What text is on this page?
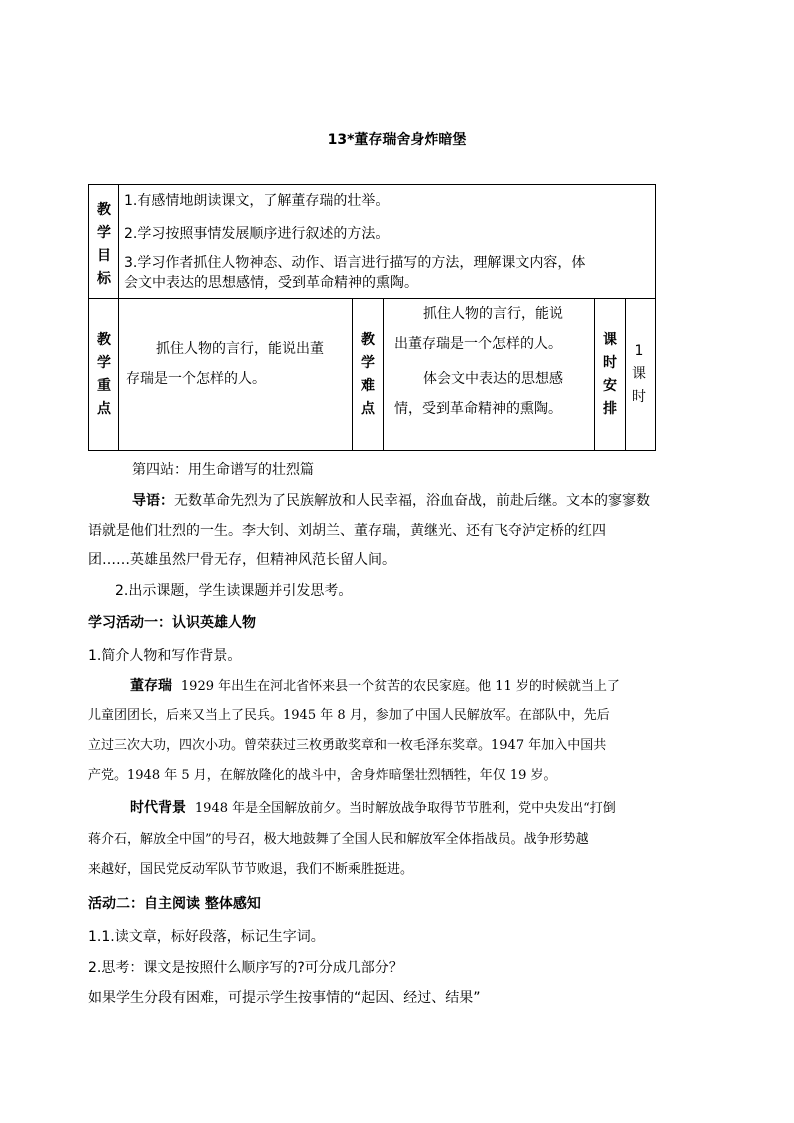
13*董存瑞舍身炸暗堡
教学目标
1.有感情地朗读课文，了解董存瑞的壮举。
2.学习按照事情发展顺序进行叙述的方法。
3.学习作者抓住人物神态、动作、语言进行描写的方法，理解课文内容，体
会文中表达的思想感情，受到革命精神的熏陶。
教学重点
抓住人物的言行，能说出董
存瑞是一个怎样的人。
教学难点
抓住人物的言行，能说
出董存瑞是一个怎样的人。
体会文中表达的思想感
情，受到革命精神的熏陶。
课时安排
1课时
第四站：用生命谱写的壮烈篇
导语：无数革命先烈为了民族解放和人民幸福，浴血奋战，前赴后继。文本的寥寥数
语就是他们壮烈的一生。李大钊、刘胡兰、董存瑞，黄继光、还有飞夺泸定桥的红四
团……英雄虽然尸骨无存，但精神风范长留人间。
2.出示课题，学生读课题并引发思考。
学习活动一：认识英雄人物
1.简介人物和写作背景。
董存瑞 1929 年出生在河北省怀来县一个贫苦的农民家庭。他 11 岁的时候就当上了
儿童团团长，后来又当上了民兵。1945 年 8 月，参加了中国人民解放军。在部队中，先后
立过三次大功，四次小功。曾荣获过三枚勇敢奖章和一枚毛泽东奖章。1947 年加入中国共
产党。1948 年 5 月，在解放隆化的战斗中，舍身炸暗堡壮烈牺牲，年仅 19 岁。
时代背景 1948 年是全国解放前夕。当时解放战争取得节节胜利，党中央发出“打倒
蒋介石，解放全中国”的号召，极大地鼓舞了全国人民和解放军全体指战员。战争形势越
来越好，国民党反动军队节节败退，我们不断乘胜挺进。
活动二：自主阅读 整体感知
1.1.读文章，标好段落，标记生字词。
2.思考：课文是按照什么顺序写的?可分成几部分？
如果学生分段有困难，可提示学生按事情的“起因、经过、结果”
